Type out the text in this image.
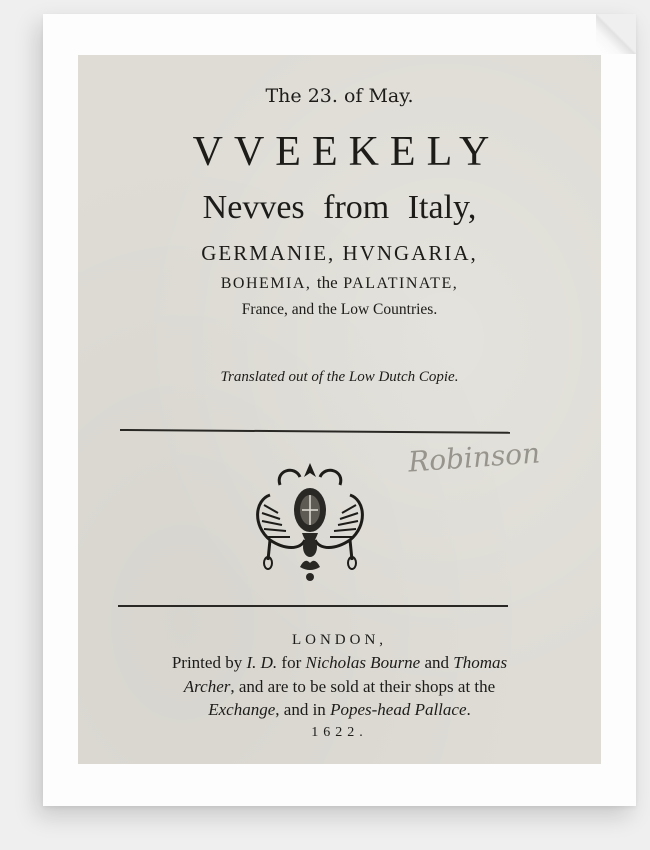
The 23. of May.
VVEEKELY
Nevves from Italy,
GERMANIE, HVNGARIA,
BOHEMIA, the PALATINATE,
France, and the Low Countries.
Translated out of the Low Dutch Copie.
Robinson
LONDON,
Printed by I. D. for Nicholas Bourne and Thomas
Archer, and are to be sold at their shops at the
Exchange, and in Popes-head Pallace.
1622.
